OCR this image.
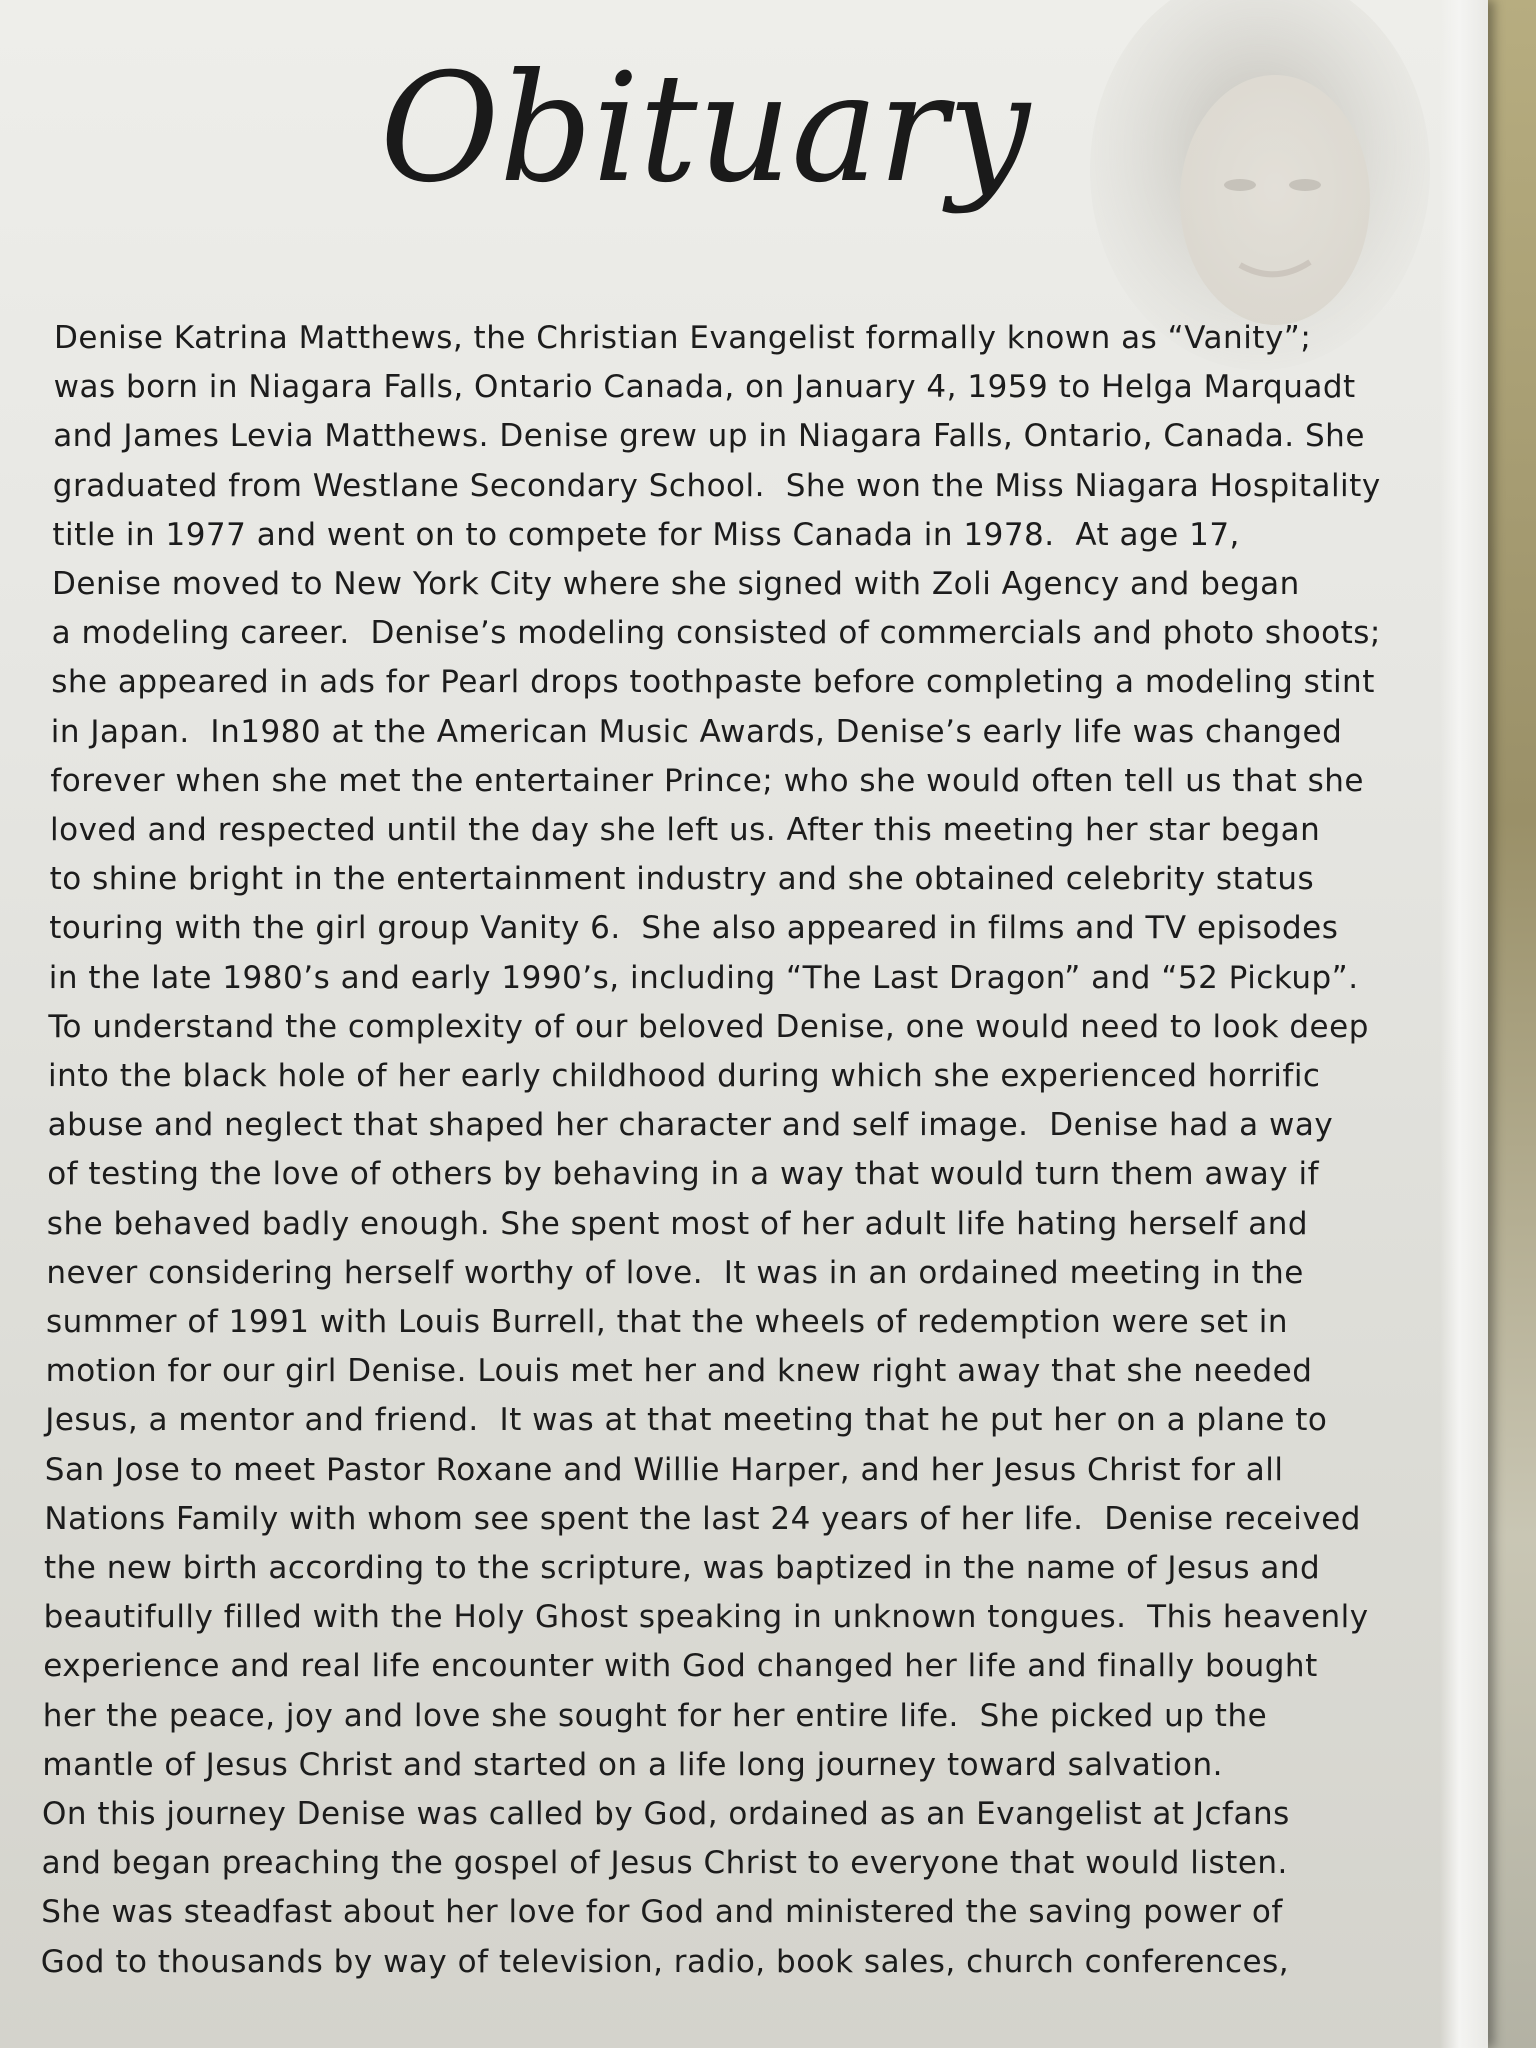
Obituary
Denise Katrina Matthews, the Christian Evangelist formally known as “Vanity”;
was born in Niagara Falls, Ontario Canada, on January 4, 1959 to Helga Marquadt
and James Levia Matthews. Denise grew up in Niagara Falls, Ontario, Canada. She
graduated from Westlane Secondary School.  She won the Miss Niagara Hospitality
title in 1977 and went on to compete for Miss Canada in 1978.  At age 17,
Denise moved to New York City where she signed with Zoli Agency and began
a modeling career.  Denise’s modeling consisted of commercials and photo shoots;
she appeared in ads for Pearl drops toothpaste before completing a modeling stint
in Japan.  In1980 at the American Music Awards, Denise’s early life was changed
forever when she met the entertainer Prince; who she would often tell us that she
loved and respected until the day she left us. After this meeting her star began
to shine bright in the entertainment industry and she obtained celebrity status
touring with the girl group Vanity 6.  She also appeared in films and TV episodes
in the late 1980’s and early 1990’s, including “The Last Dragon” and “52 Pickup”.
To understand the complexity of our beloved Denise, one would need to look deep
into the black hole of her early childhood during which she experienced horrific
abuse and neglect that shaped her character and self image.  Denise had a way
of testing the love of others by behaving in a way that would turn them away if
she behaved badly enough. She spent most of her adult life hating herself and
never considering herself worthy of love.  It was in an ordained meeting in the
summer of 1991 with Louis Burrell, that the wheels of redemption were set in
motion for our girl Denise. Louis met her and knew right away that she needed
Jesus, a mentor and friend.  It was at that meeting that he put her on a plane to
San Jose to meet Pastor Roxane and Willie Harper, and her Jesus Christ for all
Nations Family with whom see spent the last 24 years of her life.  Denise received
the new birth according to the scripture, was baptized in the name of Jesus and
beautifully filled with the Holy Ghost speaking in unknown tongues.  This heavenly
experience and real life encounter with God changed her life and finally bought
her the peace, joy and love she sought for her entire life.  She picked up the
mantle of Jesus Christ and started on a life long journey toward salvation.
On this journey Denise was called by God, ordained as an Evangelist at Jcfans
and began preaching the gospel of Jesus Christ to everyone that would listen.
She was steadfast about her love for God and ministered the saving power of
God to thousands by way of television, radio, book sales, church conferences,
